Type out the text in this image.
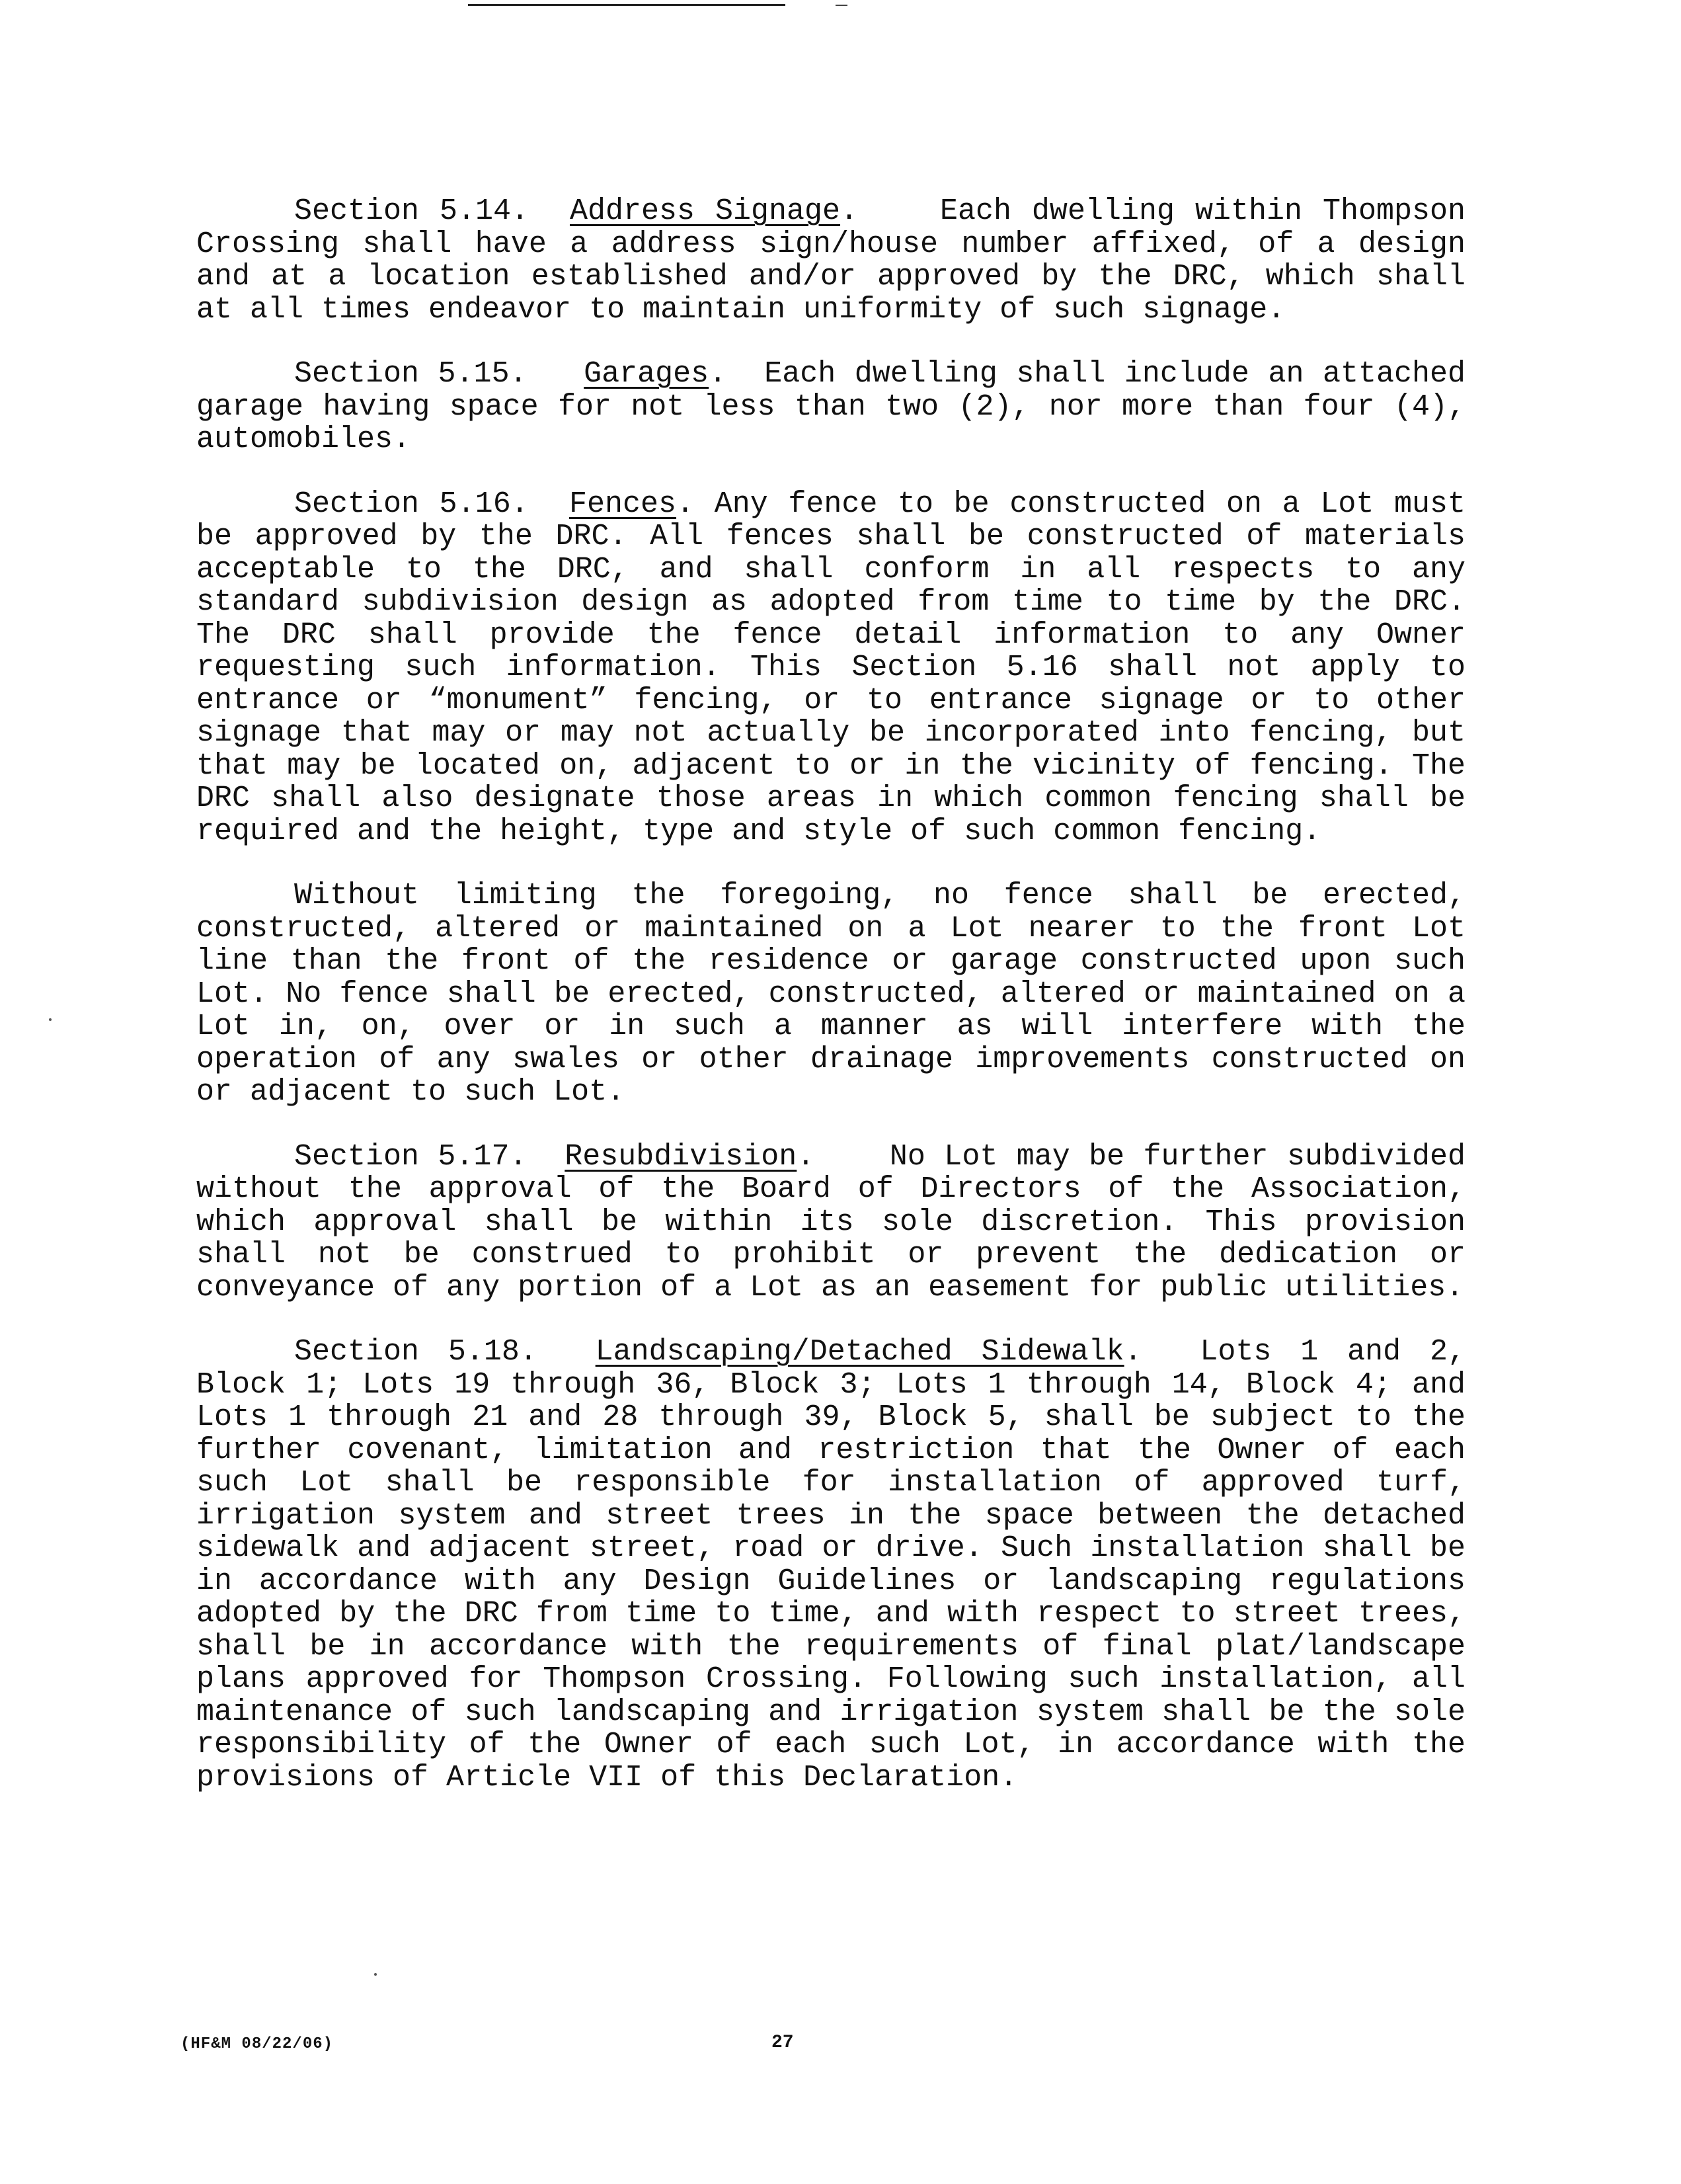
Section 5.14. Address Signage.    Each dwelling within Thompson Crossing shall have a address sign/house number affixed, of a design and at a location established and/or approved by the DRC, which shall at all times endeavor to maintain uniformity of such signage.

Section 5.15. Garages.  Each dwelling shall include an attached garage having space for not less than two (2), nor more than four (4), automobiles.

Section 5.16. Fences. Any fence to be constructed on a Lot must be approved by the DRC. All fences shall be constructed of materials acceptable to the DRC, and shall conform in all respects to any standard subdivision design as adopted from time to time by the DRC. The DRC shall provide the fence detail information to any Owner requesting such information. This Section 5.16 shall not apply to entrance or “monument” fencing, or to entrance signage or to other signage that may or may not actually be incorporated into fencing, but that may be located on, adjacent to or in the vicinity of fencing. The DRC shall also designate those areas in which common fencing shall be required and the height, type and style of such common fencing.

Without limiting the foregoing, no fence shall be erected, constructed, altered or maintained on a Lot nearer to the front Lot line than the front of the residence or garage constructed upon such Lot. No fence shall be erected, constructed, altered or maintained on a Lot in, on, over or in such a manner as will interfere with the operation of any swales or other drainage improvements constructed on or adjacent to such Lot.

Section 5.17. Resubdivision.    No Lot may be further subdivided without the approval of the Board of Directors of the Association, which approval shall be within its sole discretion. This provision shall not be construed to prohibit or prevent the dedication or conveyance of any portion of a Lot as an easement for public utilities.

Section 5.18. Landscaping/Detached Sidewalk.  Lots 1 and 2, Block 1; Lots 19 through 36, Block 3; Lots 1 through 14, Block 4; and Lots 1 through 21 and 28 through 39, Block 5, shall be subject to the further covenant, limitation and restriction that the Owner of each such Lot shall be responsible for installation of approved turf, irrigation system and street trees in the space between the detached sidewalk and adjacent street, road or drive. Such installation shall be in accordance with any Design Guidelines or landscaping regulations adopted by the DRC from time to time, and with respect to street trees, shall be in accordance with the requirements of final plat/landscape plans approved for Thompson Crossing. Following such installation, all maintenance of such landscaping and irrigation system shall be the sole responsibility of the Owner of each such Lot, in accordance with the provisions of Article VII of this Declaration.

(HF&M 08/22/06)	27
